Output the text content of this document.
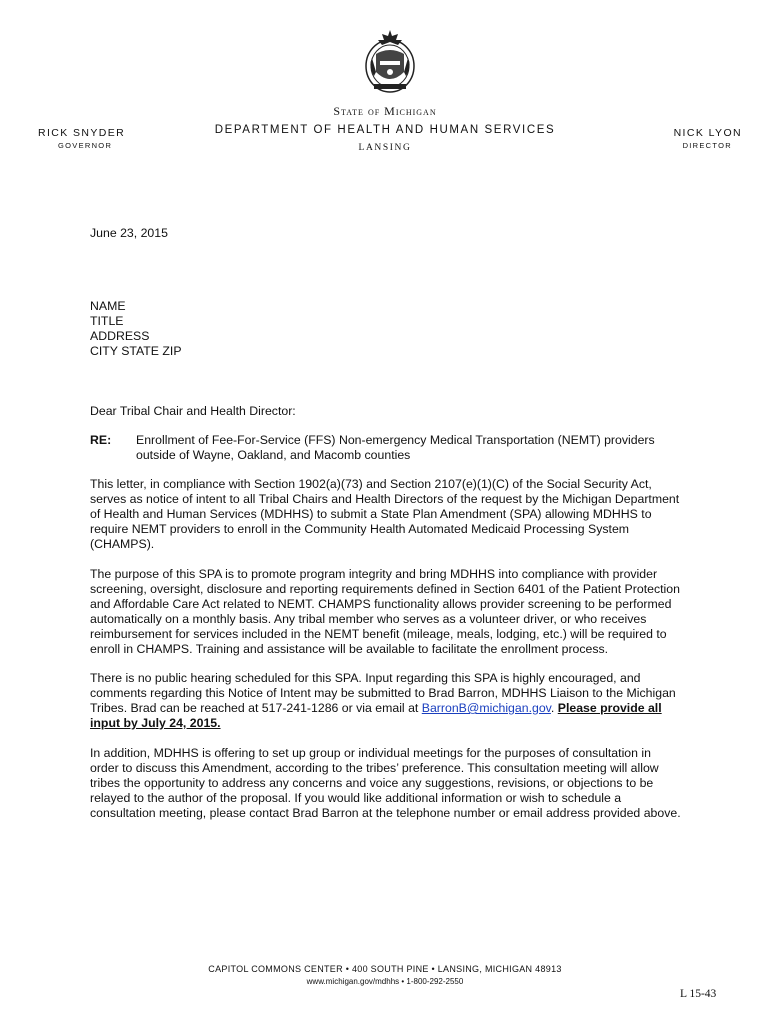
State of Michigan
DEPARTMENT OF HEALTH AND HUMAN SERVICES
LANSING
RICK SNYDER
GOVERNOR
NICK LYON
DIRECTOR
June 23, 2015
NAME
TITLE
ADDRESS
CITY STATE ZIP
Dear Tribal Chair and Health Director:
RE: Enrollment of Fee-For-Service (FFS) Non-emergency Medical Transportation (NEMT) providers outside of Wayne, Oakland, and Macomb counties

This letter, in compliance with Section 1902(a)(73) and Section 2107(e)(1)(C) of the Social Security Act, serves as notice of intent to all Tribal Chairs and Health Directors of the request by the Michigan Department of Health and Human Services (MDHHS) to submit a State Plan Amendment (SPA) allowing MDHHS to require NEMT providers to enroll in the Community Health Automated Medicaid Processing System (CHAMPS).

The purpose of this SPA is to promote program integrity and bring MDHHS into compliance with provider screening, oversight, disclosure and reporting requirements defined in Section 6401 of the Patient Protection and Affordable Care Act related to NEMT. CHAMPS functionality allows provider screening to be performed automatically on a monthly basis. Any tribal member who serves as a volunteer driver, or who receives reimbursement for services included in the NEMT benefit (mileage, meals, lodging, etc.) will be required to enroll in CHAMPS. Training and assistance will be available to facilitate the enrollment process.

There is no public hearing scheduled for this SPA. Input regarding this SPA is highly encouraged, and comments regarding this Notice of Intent may be submitted to Brad Barron, MDHHS Liaison to the Michigan Tribes. Brad can be reached at 517-241-1286 or via email at BarronB@michigan.gov. Please provide all input by July 24, 2015.

In addition, MDHHS is offering to set up group or individual meetings for the purposes of consultation in order to discuss this Amendment, according to the tribes’ preference. This consultation meeting will allow tribes the opportunity to address any concerns and voice any suggestions, revisions, or objections to be relayed to the author of the proposal. If you would like additional information or wish to schedule a consultation meeting, please contact Brad Barron at the telephone number or email address provided above.

CAPITOL COMMONS CENTER • 400 SOUTH PINE • LANSING, MICHIGAN 48913
www.michigan.gov/mdhhs • 1-800-292-2550
L 15-43
